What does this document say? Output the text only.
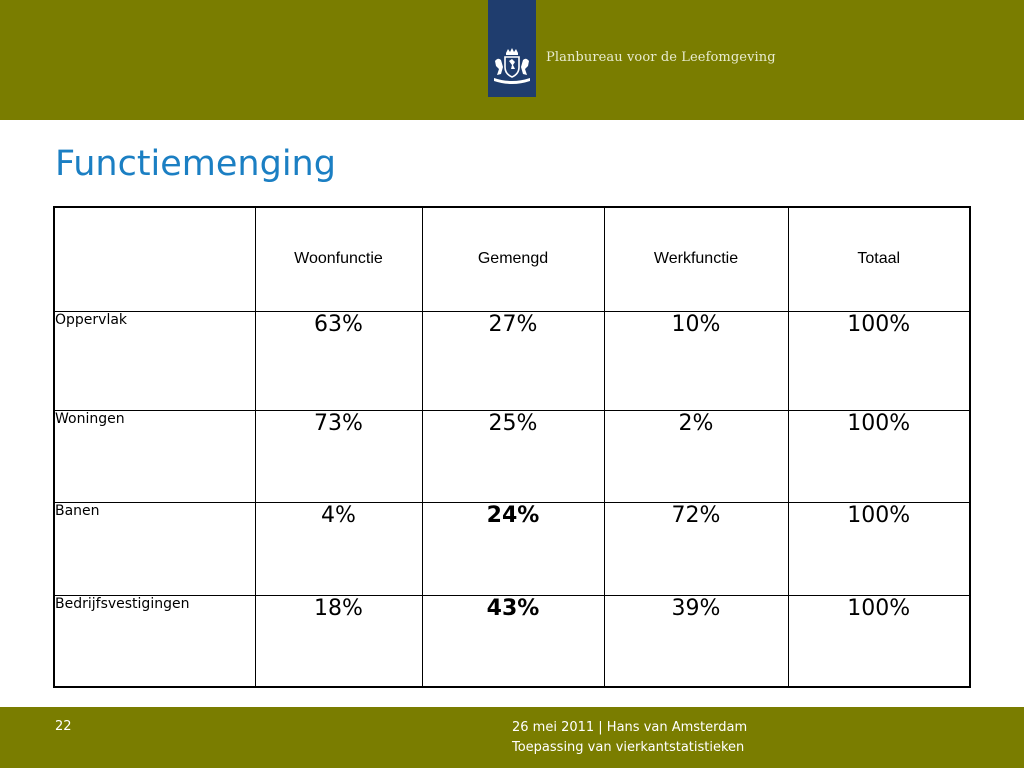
Planbureau voor de Leefomgeving
Functiemenging
	Woonfunctie	Gemengd	Werkfunctie	Totaal
Oppervlak	63%	27%	10%	100%
Woningen	73%	25%	2%	100%
Banen	4%	24%	72%	100%
Bedrijfsvestigingen	18%	43%	39%	100%
22	26 mei 2011 | Hans van Amsterdam
Toepassing van vierkantstatistieken
